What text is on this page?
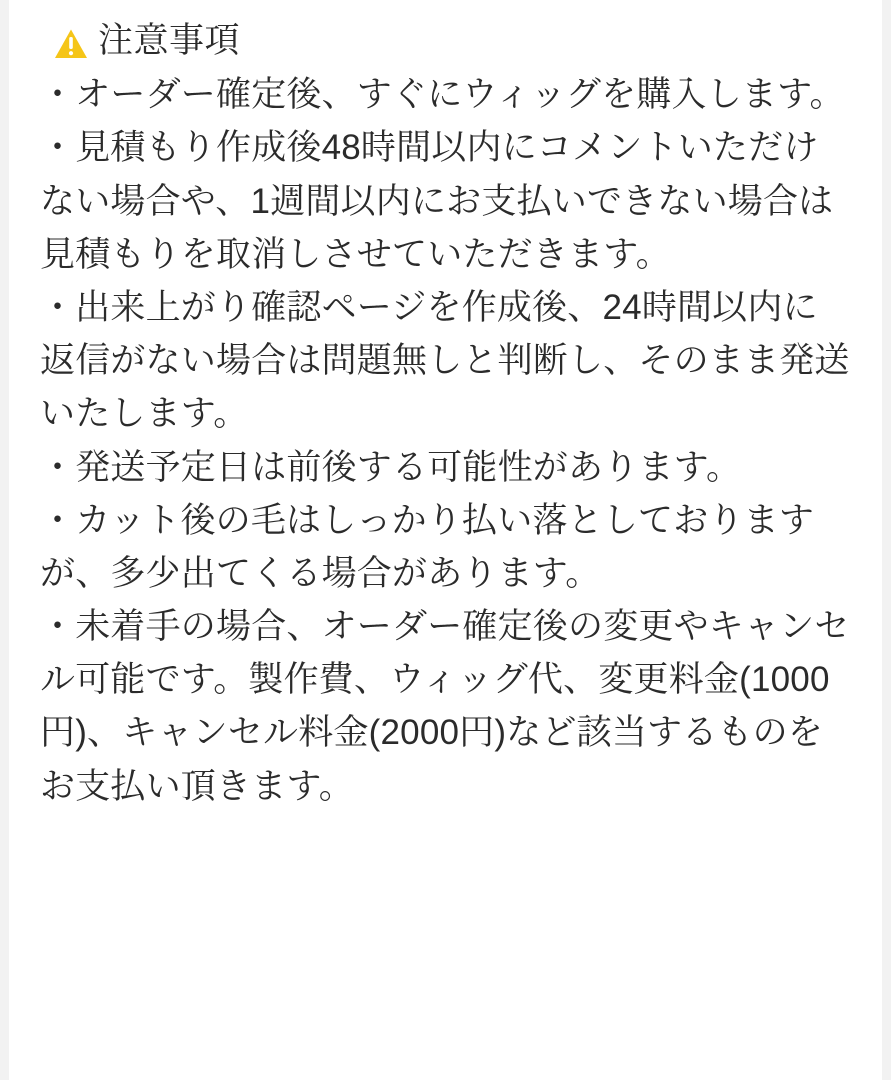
注意事項
・オーダー確定後、すぐにウィッグを購入します。
・見積もり作成後48時間以内にコメントいただけない場合や、1週間以内にお支払いできない場合は見積もりを取消しさせていただきます。
・出来上がり確認ページを作成後、24時間以内に返信がない場合は問題無しと判断し、そのまま発送いたします。
・発送予定日は前後する可能性があります。
・カット後の毛はしっかり払い落としておりますが、多少出てくる場合があります。
・未着手の場合、オーダー確定後の変更やキャンセル可能です。製作費、ウィッグ代、変更料金(1000円)、キャンセル料金(2000円)など該当するものをお支払い頂きます。
